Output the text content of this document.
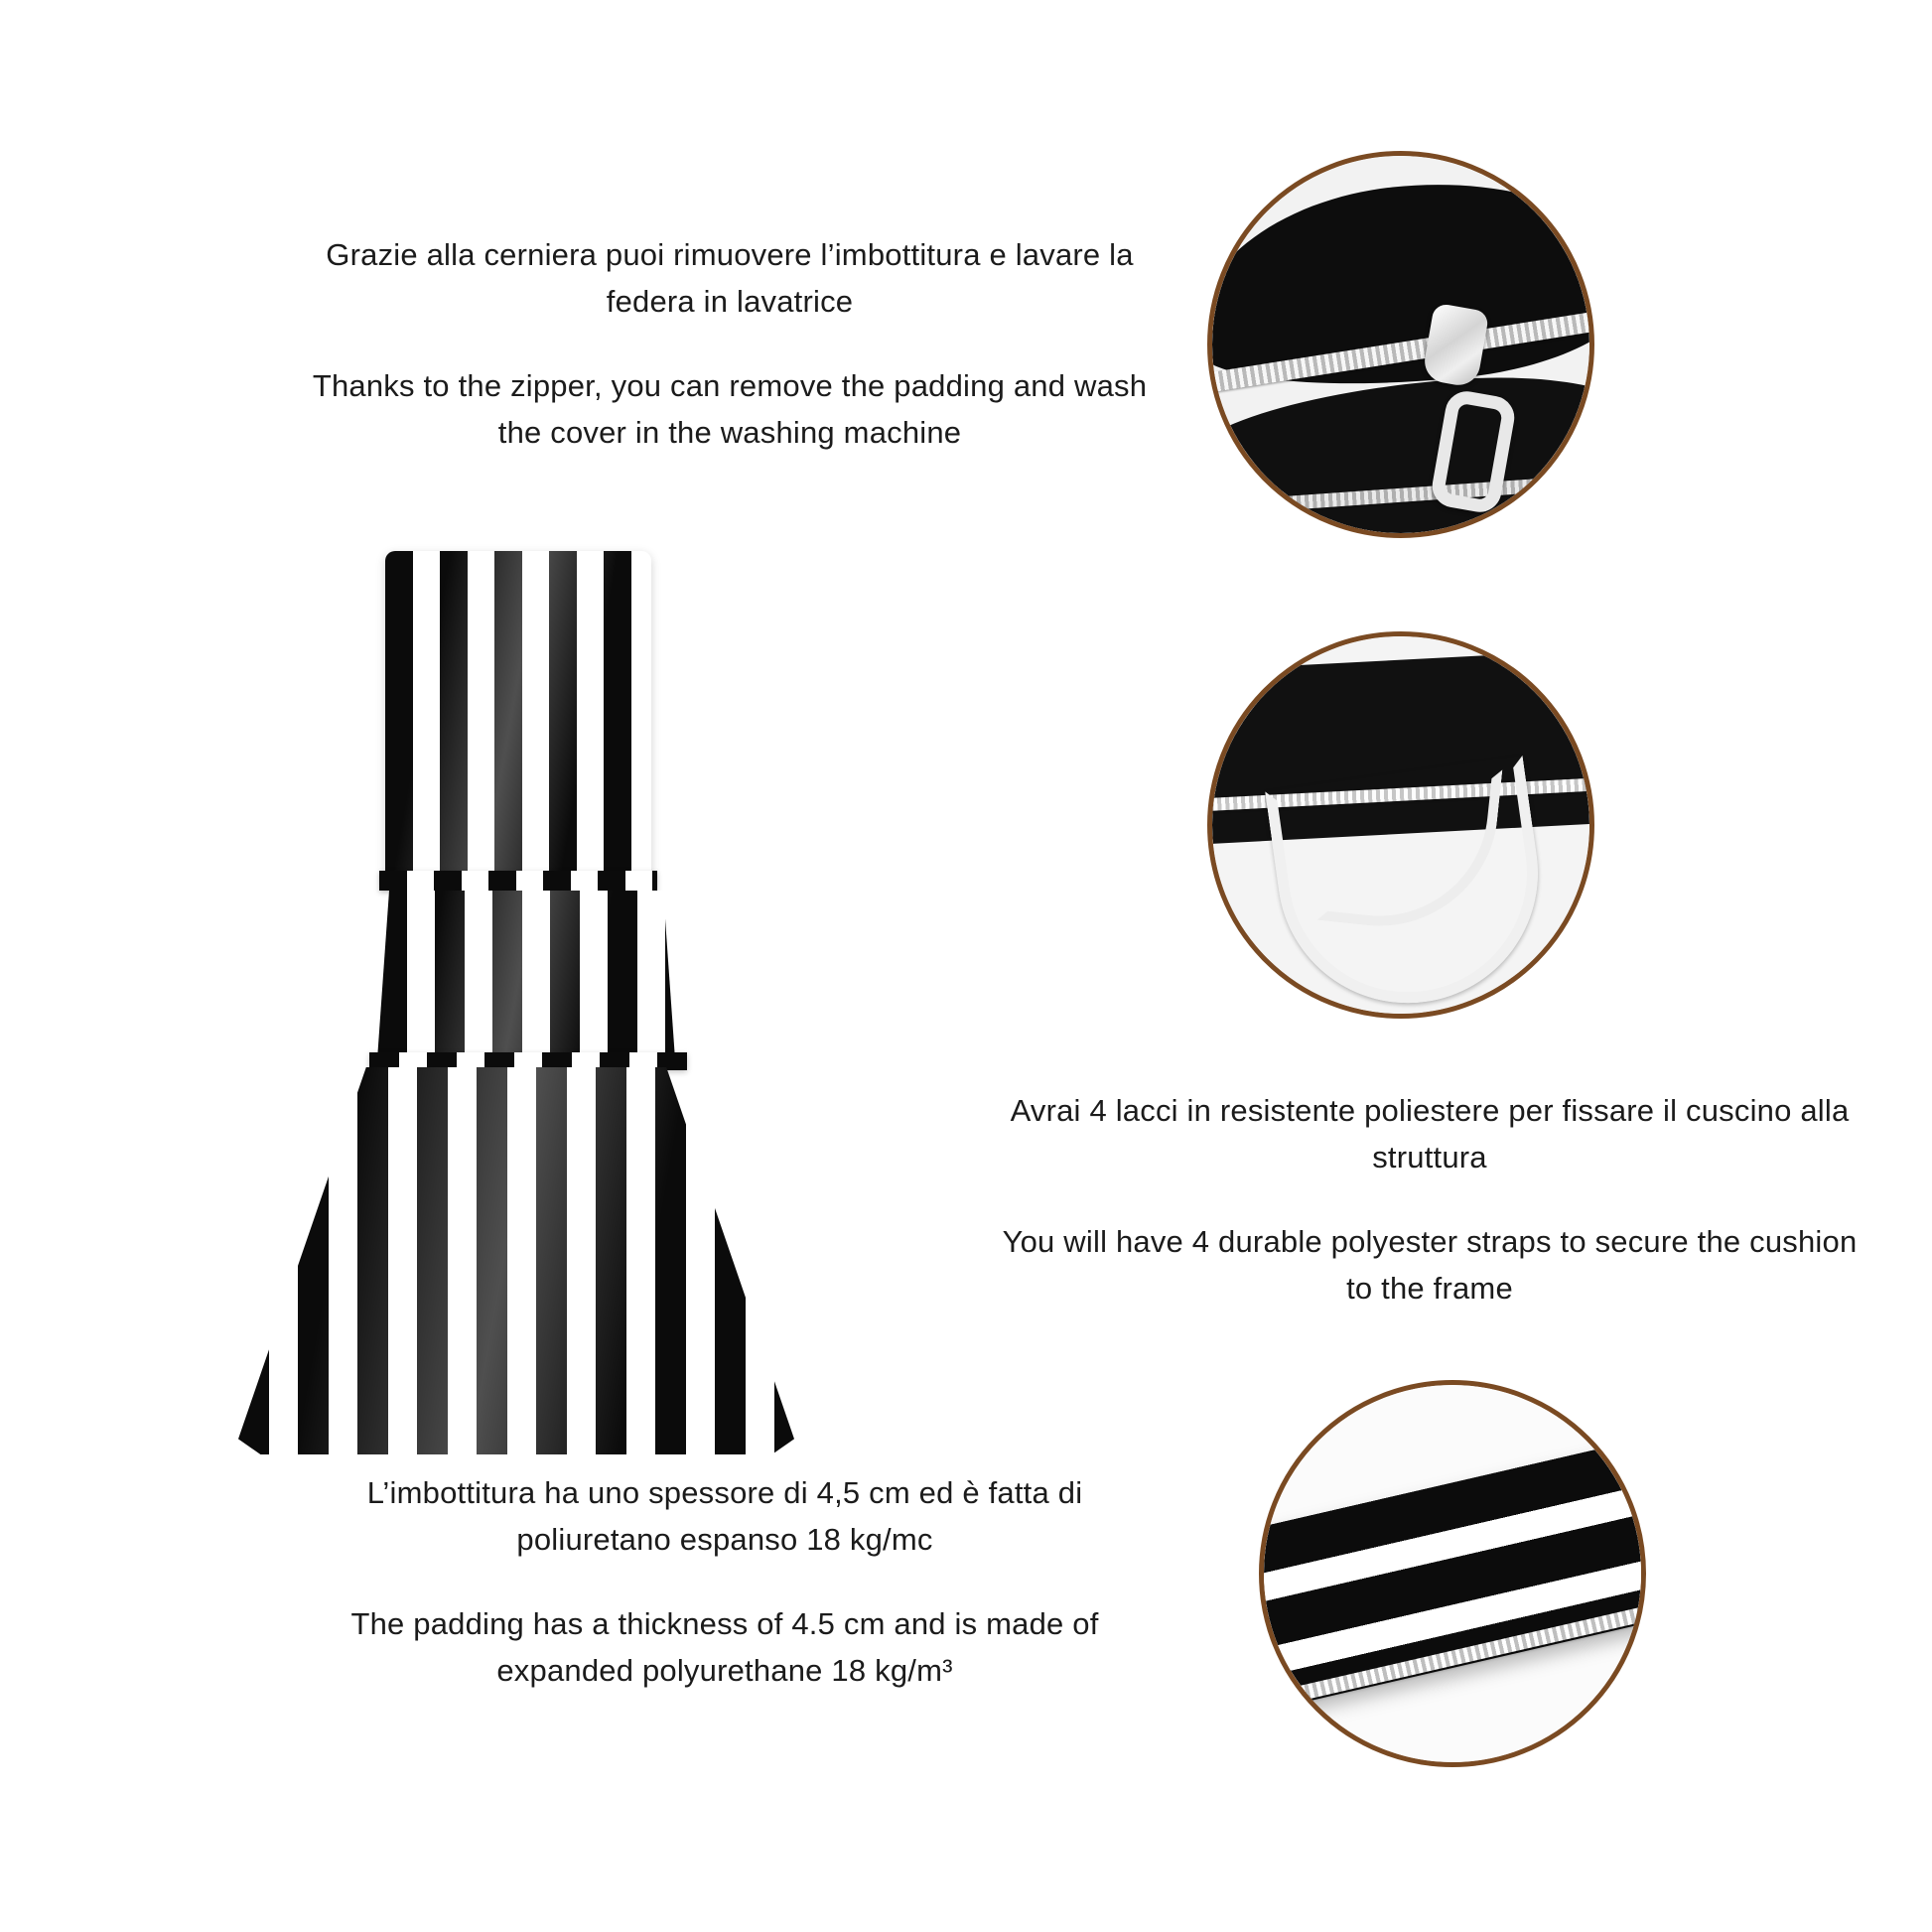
Grazie alla cerniera puoi rimuovere l’imbottitura e lavare la federa in lavatrice

Thanks to the zipper, you can remove the padding and wash the cover in the washing machine

Avrai 4 lacci in resistente poliestere per fissare il cuscino alla struttura

You will have 4 durable polyester straps to secure the cushion to the frame

L’imbottitura ha uno spessore di 4,5 cm ed è fatta di poliuretano espanso 18 kg/mc

The padding has a thickness of 4.5 cm and is made of expanded polyurethane 18 kg/m³
